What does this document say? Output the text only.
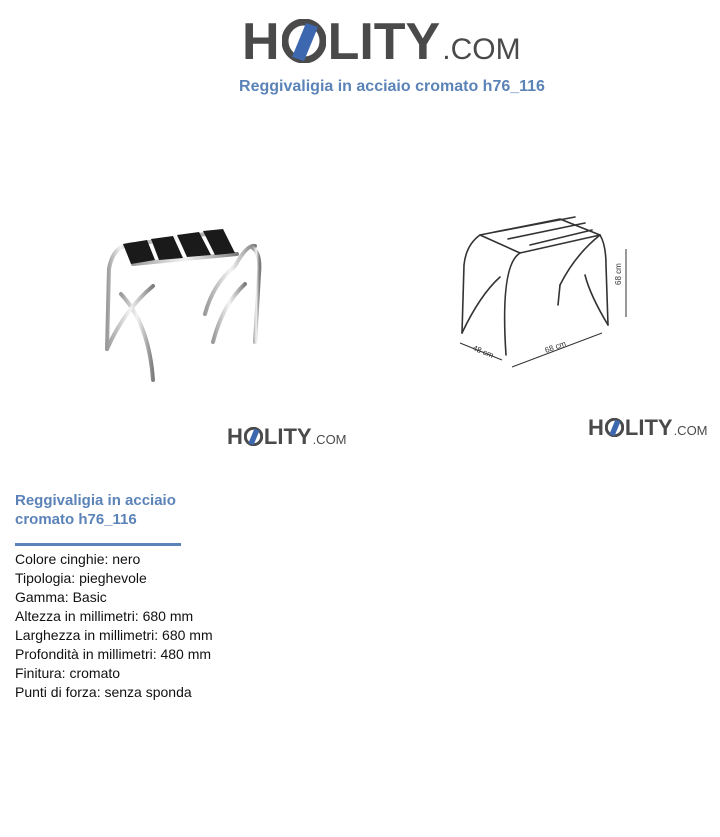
H LITY .COM
Reggivaligia in acciaio cromato h76_116
68 cm
68 cm
48 cm
H LITY .COM	H LITY .COM
Reggivaligia in acciaio cromato h76_116
Colore cinghie: nero
Tipologia: pieghevole
Gamma: Basic
Altezza in millimetri: 680 mm
Larghezza in millimetri: 680 mm
Profondità in millimetri: 480 mm
Finitura: cromato
Punti di forza: senza sponda
